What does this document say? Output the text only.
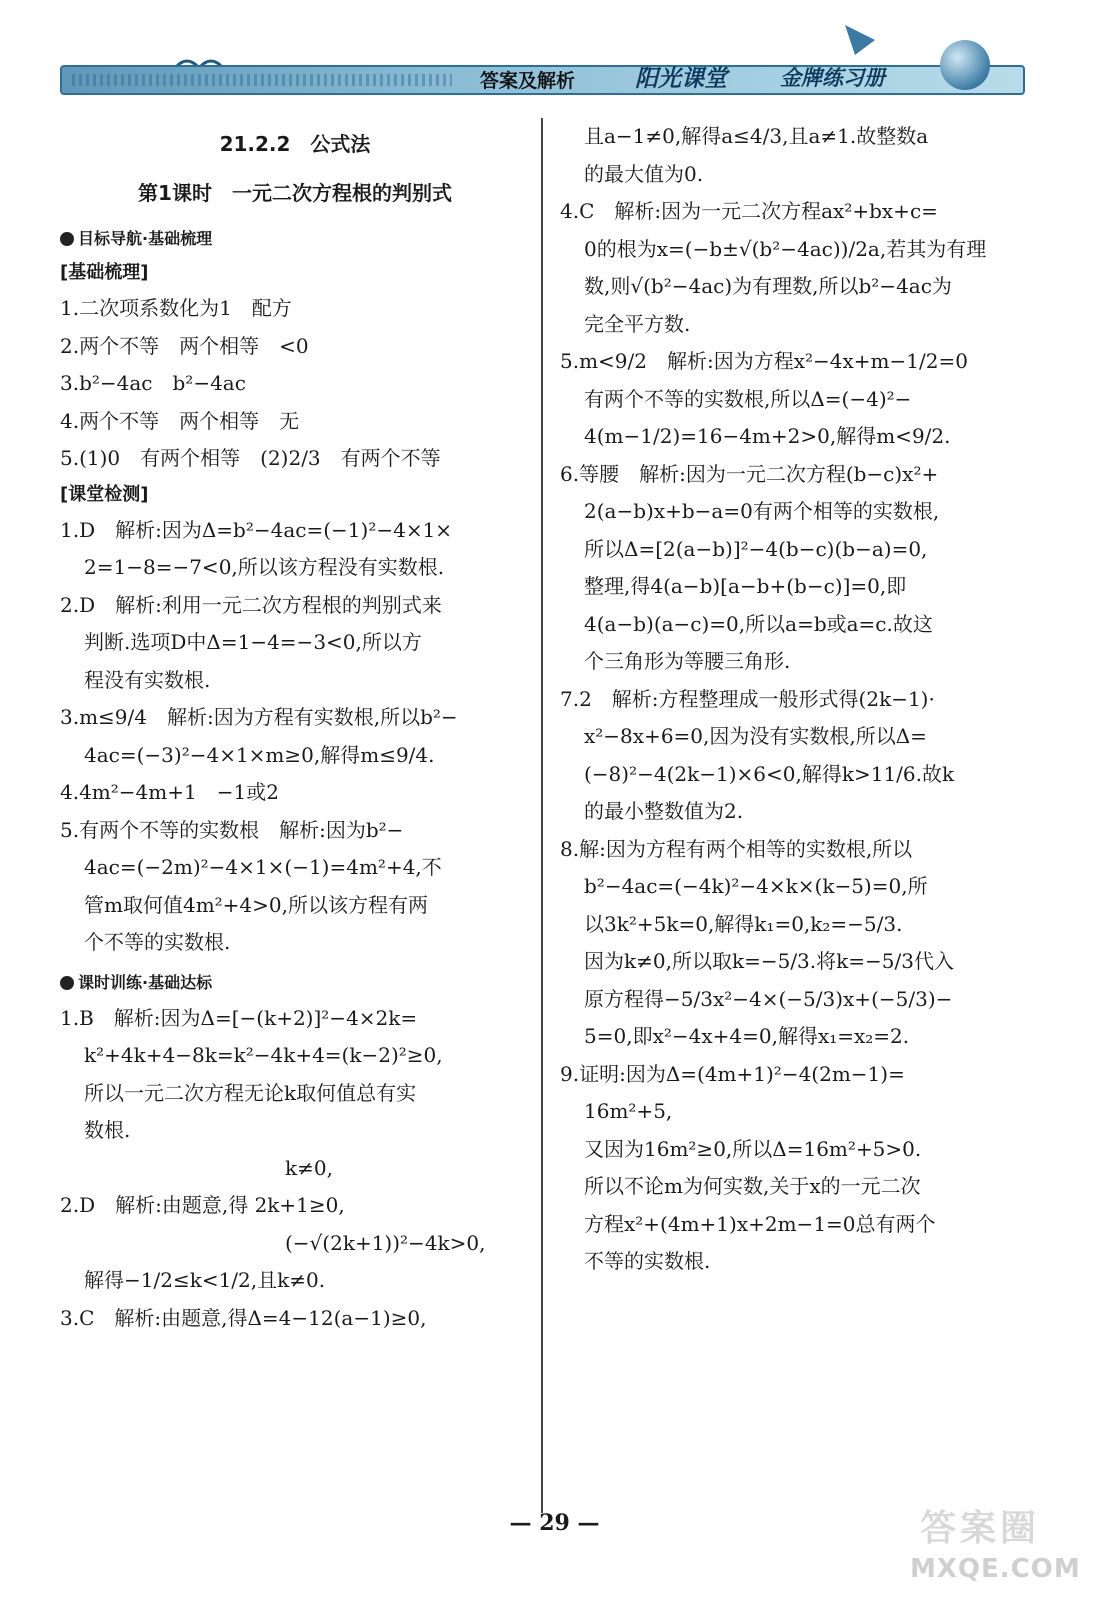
答案及解析	阳光课堂	金牌练习册

21.2.2　公式法

第1课时　一元二次方程根的判别式

目标导航·基础梳理

[基础梳理]

1.二次项系数化为1　配方

2.两个不等　两个相等　<0

3.b²−4ac　b²−4ac

4.两个不等　两个相等　无

5.(1)0　有两个相等　(2)2/3　有两个不等

[课堂检测]

1.D　解析:因为Δ=b²−4ac=(−1)²−4×1×

2=1−8=−7<0,所以该方程没有实数根.

2.D　解析:利用一元二次方程根的判别式来

判断.选项D中Δ=1−4=−3<0,所以方

程没有实数根.

3.m≤9/4　解析:因为方程有实数根,所以b²−

4ac=(−3)²−4×1×m≥0,解得m≤9/4.

4.4m²−4m+1　−1或2

5.有两个不等的实数根　解析:因为b²−

4ac=(−2m)²−4×1×(−1)=4m²+4,不

管m取何值4m²+4>0,所以该方程有两

个不等的实数根.

课时训练·基础达标

1.B　解析:因为Δ=[−(k+2)]²−4×2k=

k²+4k+4−8k=k²−4k+4=(k−2)²≥0,

所以一元二次方程无论k取何值总有实

数根.

k≠0,

2.D　解析:由题意,得 2k+1≥0,

(−√(2k+1))²−4k>0,

解得−1/2≤k<1/2,且k≠0.

3.C　解析:由题意,得Δ=4−12(a−1)≥0,

且a−1≠0,解得a≤4/3,且a≠1.故整数a

的最大值为0.

4.C　解析:因为一元二次方程ax²+bx+c=

0的根为x=(−b±√(b²−4ac))/2a,若其为有理

数,则√(b²−4ac)为有理数,所以b²−4ac为

完全平方数.

5.m<9/2　解析:因为方程x²−4x+m−1/2=0

有两个不等的实数根,所以Δ=(−4)²−

4(m−1/2)=16−4m+2>0,解得m<9/2.

6.等腰　解析:因为一元二次方程(b−c)x²+

2(a−b)x+b−a=0有两个相等的实数根,

所以Δ=[2(a−b)]²−4(b−c)(b−a)=0,

整理,得4(a−b)[a−b+(b−c)]=0,即

4(a−b)(a−c)=0,所以a=b或a=c.故这

个三角形为等腰三角形.

7.2　解析:方程整理成一般形式得(2k−1)·

x²−8x+6=0,因为没有实数根,所以Δ=

(−8)²−4(2k−1)×6<0,解得k>11/6.故k

的最小整数值为2.

8.解:因为方程有两个相等的实数根,所以

b²−4ac=(−4k)²−4×k×(k−5)=0,所

以3k²+5k=0,解得k₁=0,k₂=−5/3.

因为k≠0,所以取k=−5/3.将k=−5/3代入

原方程得−5/3x²−4×(−5/3)x+(−5/3)−

5=0,即x²−4x+4=0,解得x₁=x₂=2.

9.证明:因为Δ=(4m+1)²−4(2m−1)=

16m²+5,

又因为16m²≥0,所以Δ=16m²+5>0.

所以不论m为何实数,关于x的一元二次

方程x²+(4m+1)x+2m−1=0总有两个

不等的实数根.

— 29 —	答案圈
MXQE.COM
